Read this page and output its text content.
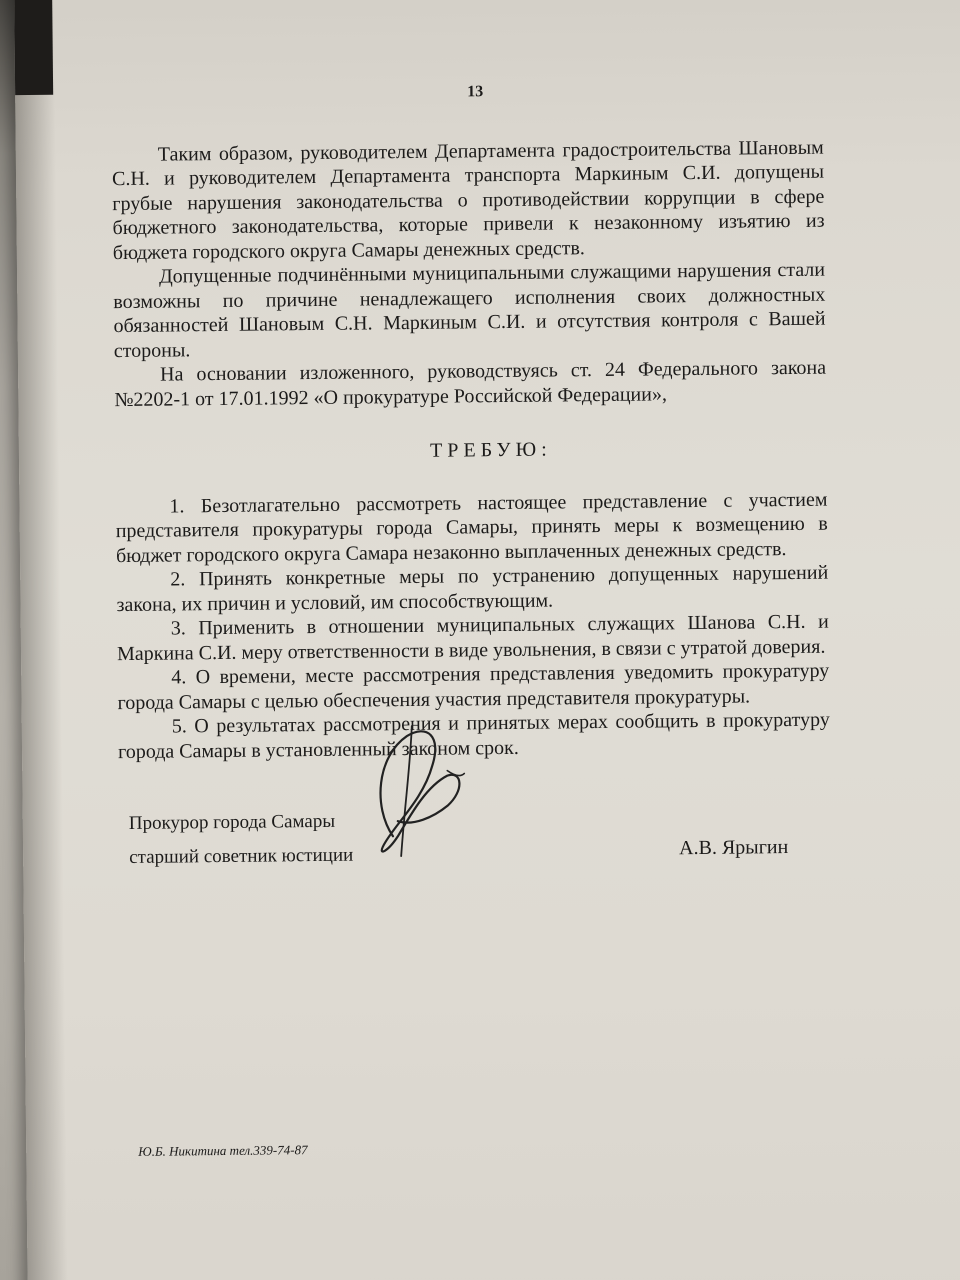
13

Таким образом, руководителем Департамента градостроительства Шановым С.Н. и руководителем Департамента транспорта Маркиным С.И. допущены грубые нарушения законодательства о противодействии коррупции в сфере бюджетного законодательства, которые привели к незаконному изъятию из бюджета городского округа Самары денежных средств.

Допущенные подчинёнными муниципальными служащими нарушения стали возможны по причине ненадлежащего исполнения своих должностных обязанностей Шановым С.Н. Маркиным С.И. и отсутствия контроля с Вашей стороны.

На основании изложенного, руководствуясь ст. 24 Федерального закона №2202-1 от 17.01.1992 «О прокуратуре Российской Федерации»,

ТРЕБУЮ:

1. Безотлагательно рассмотреть настоящее представление с участием представителя прокуратуры города Самары, принять меры к возмещению в бюджет городского округа Самара незаконно выплаченных денежных средств.

2. Принять конкретные меры по устранению допущенных нарушений закона, их причин и условий, им способствующим.

3. Применить в отношении муниципальных служащих Шанова С.Н. и Маркина С.И. меру ответственности в виде увольнения, в связи с утратой доверия.

4. О времени, месте рассмотрения представления уведомить прокуратуру города Самары с целью обеспечения участия представителя прокуратуры.

5. О результатах рассмотрения и принятых мерах сообщить в прокуратуру города Самары в установленный законом срок.

Прокурор города Самары
старший советник юстиции	А.В. Ярыгин
Ю.Б. Никитина тел.339-74-87
